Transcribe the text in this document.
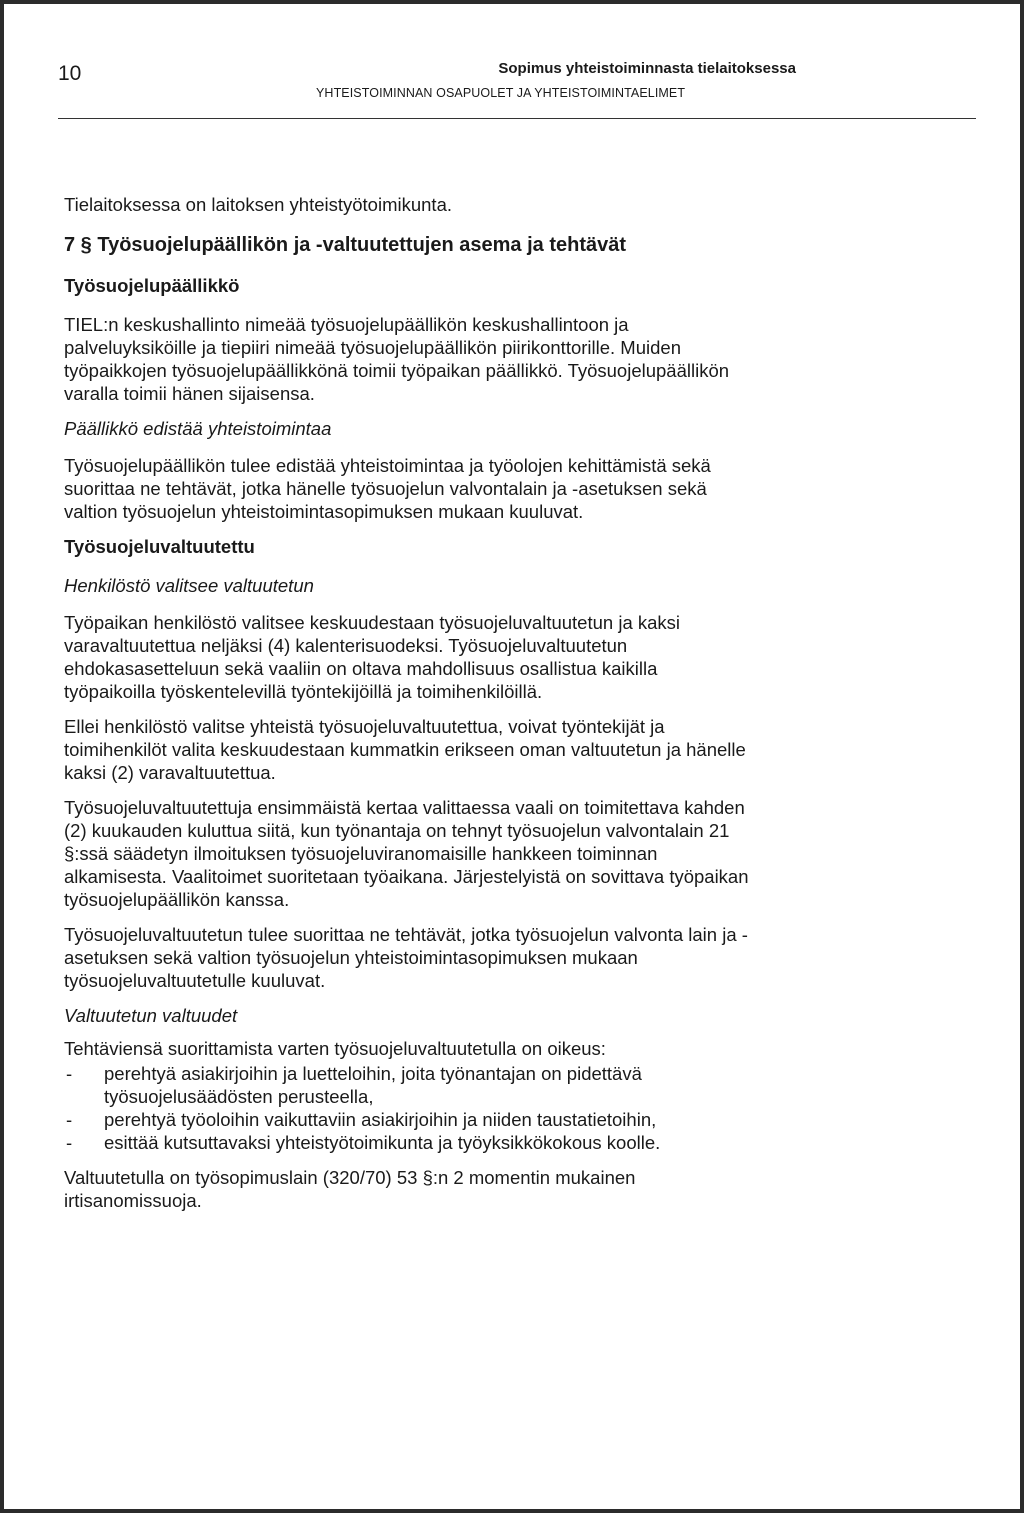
10	Sopimus yhteistoiminnasta tielaitoksessa
YHTEISTOIMINNAN OSAPUOLET JA YHTEISTOIMINTAELIMET

Tielaitoksessa on laitoksen yhteistyötoimikunta.

7 § Työsuojelupäällikön ja -valtuutettujen asema ja tehtävät

Työsuojelupäällikkö

TIEL:n keskushallinto nimeää työsuojelupäällikön keskushallintoon ja palveluyksiköille ja tiepiiri nimeää työsuojelupäällikön piirikonttorille. Muiden työpaikkojen työsuojelupäällikkönä toimii työpaikan päällikkö. Työsuojelupäällikön varalla toimii hänen sijaisensa.

Päällikkö edistää yhteistoimintaa

Työsuojelupäällikön tulee edistää yhteistoimintaa ja työolojen kehittämistä sekä suorittaa ne tehtävät, jotka hänelle työsuojelun valvontalain ja -asetuksen sekä valtion työsuojelun yhteistoimintasopimuksen mukaan kuuluvat.

Työsuojeluvaltuutettu

Henkilöstö valitsee valtuutetun

Työpaikan henkilöstö valitsee keskuudestaan työsuojeluvaltuutetun ja kaksi varavaltuutettua neljäksi (4) kalenterisuodeksi. Työsuojeluvaltuutetun ehdokasasetteluun sekä vaaliin on oltava mahdollisuus osallistua kaikilla työpaikoilla työskentelevillä työntekijöillä ja toimihenkilöillä.

Ellei henkilöstö valitse yhteistä työsuojeluvaltuutettua, voivat työntekijät ja toimihenkilöt valita keskuudestaan kummatkin erikseen oman valtuutetun ja hänelle kaksi (2) varavaltuutettua.

Työsuojeluvaltuutettuja ensimmäistä kertaa valittaessa vaali on toimitettava kahden (2) kuukauden kuluttua siitä, kun työnantaja on tehnyt työsuojelun valvontalain 21 §:ssä säädetyn ilmoituksen työsuojeluviranomaisille hankkeen toiminnan alkamisesta. Vaalitoimet suoritetaan työaikana. Järjestelyistä on sovittava työpaikan työsuojelupäällikön kanssa.

Työsuojeluvaltuutetun tulee suorittaa ne tehtävät, jotka työsuojelun valvonta lain ja -asetuksen sekä valtion työsuojelun yhteistoimintasopimuksen mukaan työsuojeluvaltuutetulle kuuluvat.

Valtuutetun valtuudet

Tehtäviensä suorittamista varten työsuojeluvaltuutetulla on oikeus:

- perehtyä asiakirjoihin ja luetteloihin, joita työnantajan on pidettävä työsuojelusäädösten perusteella,
- perehtyä työoloihin vaikuttaviin asiakirjoihin ja niiden taustatietoihin,
- esittää kutsuttavaksi yhteistyötoimikunta ja työyksikkökokous koolle.

Valtuutetulla on työsopimuslain (320/70) 53 §:n 2 momentin mukainen irtisanomissuoja.
